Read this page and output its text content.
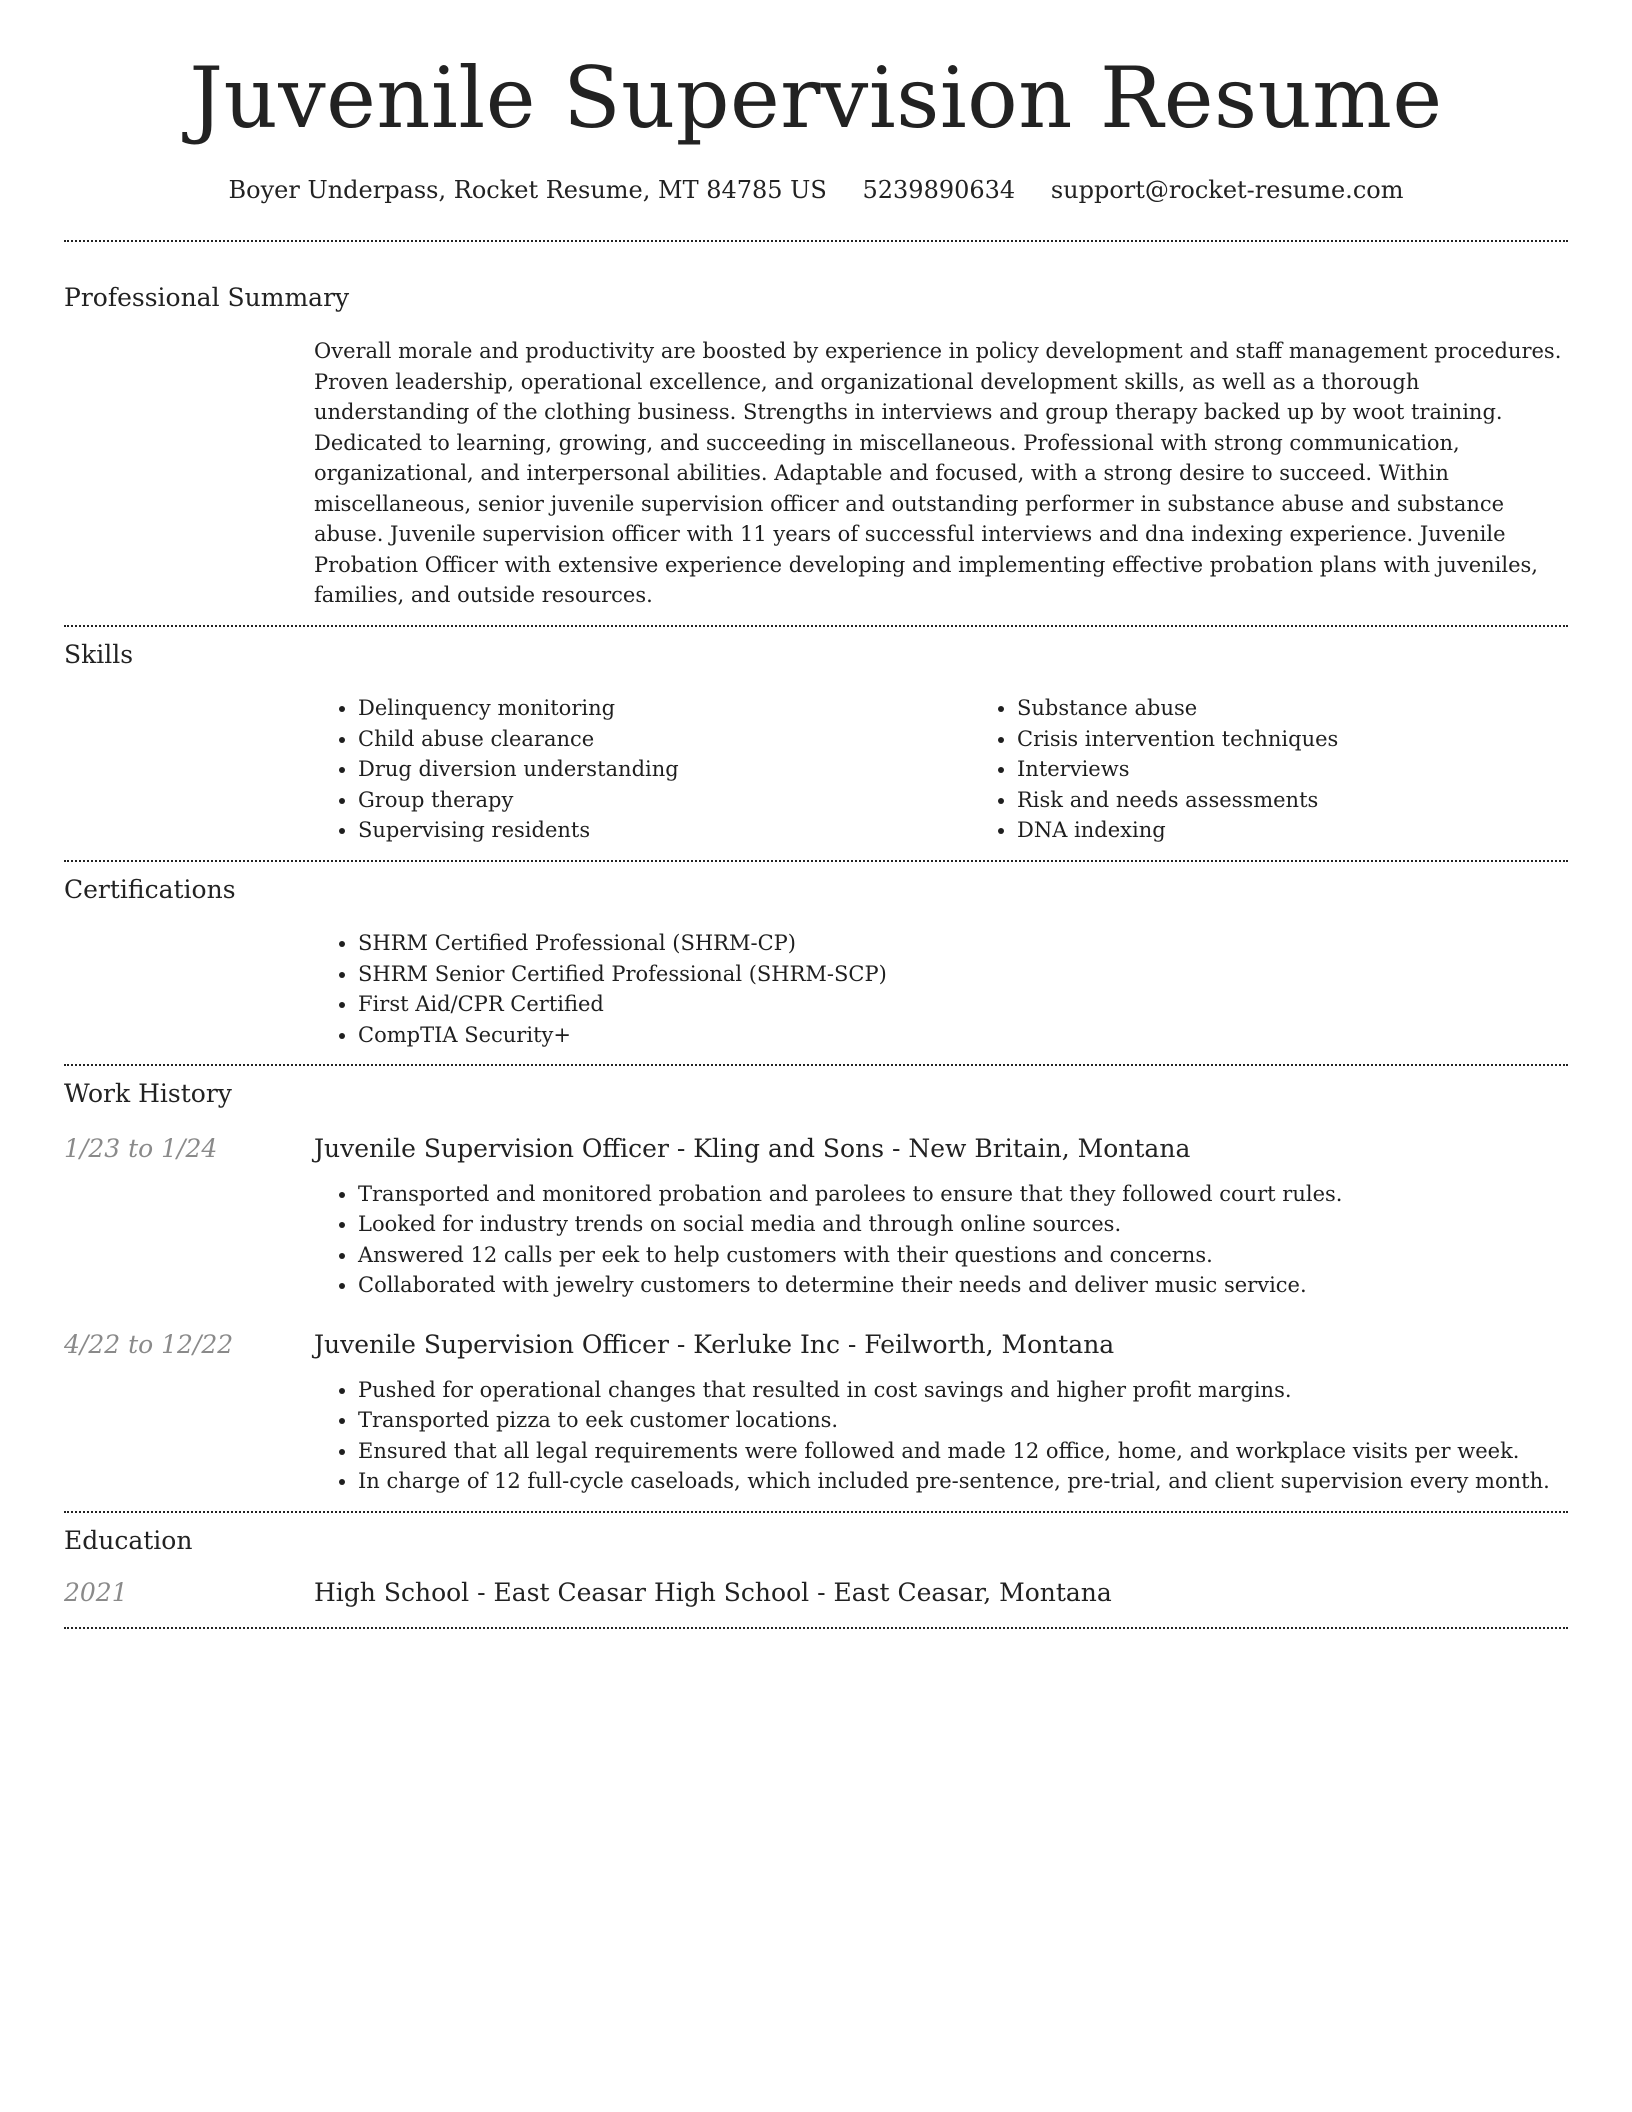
Juvenile Supervision Resume
Boyer Underpass, Rocket Resume, MT 84785 US 5239890634 support@rocket-resume.com
Professional Summary
Overall morale and productivity are boosted by experience in policy development and staff management procedures. Proven leadership, operational excellence, and organizational development skills, as well as a thorough understanding of the clothing business. Strengths in interviews and group therapy backed up by woot training. Dedicated to learning, growing, and succeeding in miscellaneous. Professional with strong communication, organizational, and interpersonal abilities. Adaptable and focused, with a strong desire to succeed. Within miscellaneous, senior juvenile supervision officer and outstanding performer in substance abuse and substance abuse. Juvenile supervision officer with 11 years of successful interviews and dna indexing experience. Juvenile Probation Officer with extensive experience developing and implementing effective probation plans with juveniles, families, and outside resources.
Skills
• Delinquency monitoring
• Child abuse clearance
• Drug diversion understanding
• Group therapy
• Supervising residents
• Substance abuse
• Crisis intervention techniques
• Interviews
• Risk and needs assessments
• DNA indexing
Certifications
• SHRM Certified Professional (SHRM-CP)
• SHRM Senior Certified Professional (SHRM-SCP)
• First Aid/CPR Certified
• CompTIA Security+
Work History
1/23 to 1/24	Juvenile Supervision Officer - Kling and Sons - New Britain, Montana
• Transported and monitored probation and parolees to ensure that they followed court rules.
• Looked for industry trends on social media and through online sources.
• Answered 12 calls per eek to help customers with their questions and concerns.
• Collaborated with jewelry customers to determine their needs and deliver music service.
4/22 to 12/22	Juvenile Supervision Officer - Kerluke Inc - Feilworth, Montana
• Pushed for operational changes that resulted in cost savings and higher profit margins.
• Transported pizza to eek customer locations.
• Ensured that all legal requirements were followed and made 12 office, home, and workplace visits per week.
• In charge of 12 full-cycle caseloads, which included pre-sentence, pre-trial, and client supervision every month.
Education
2021	High School - East Ceasar High School - East Ceasar, Montana
